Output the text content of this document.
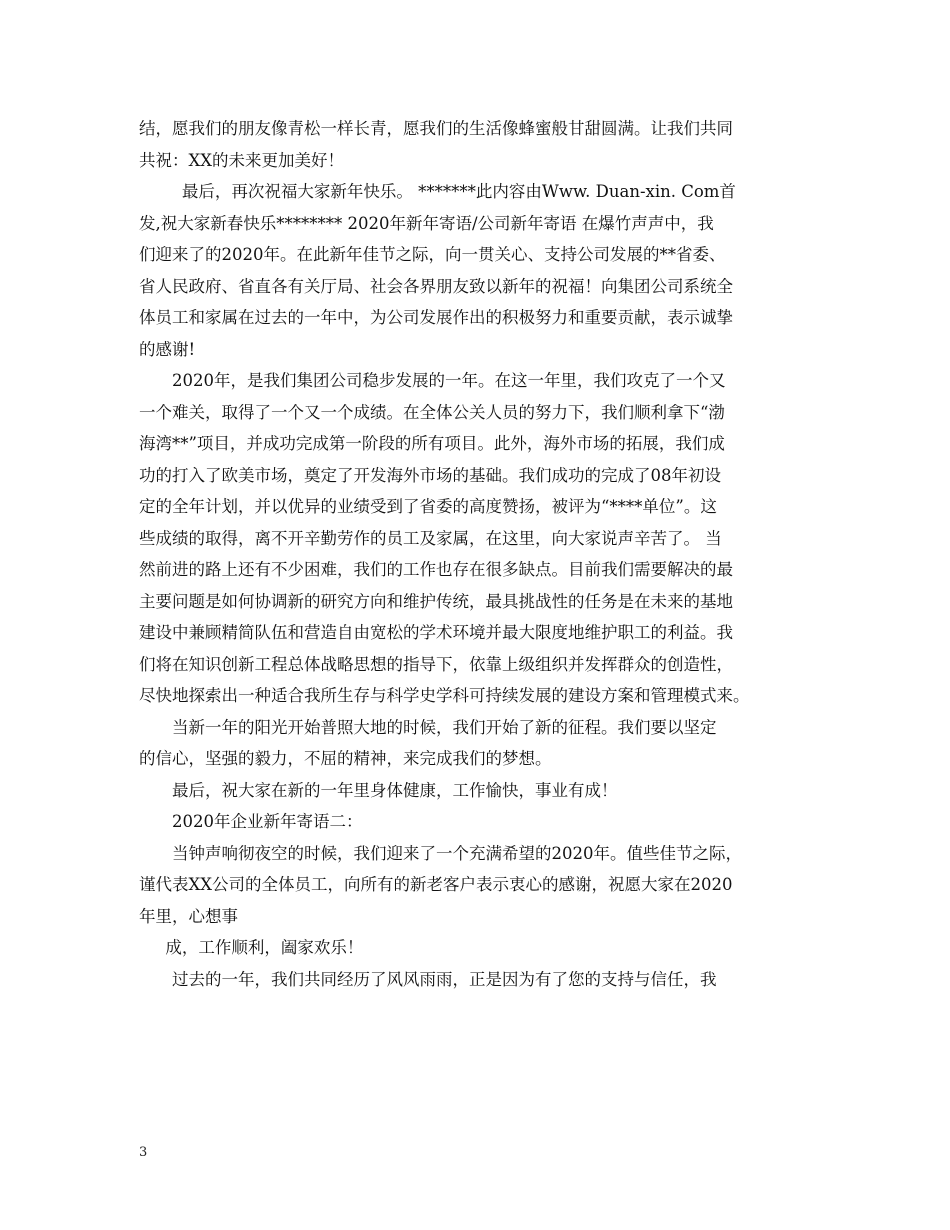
结，愿我们的朋友像青松一样长青，愿我们的生活像蜂蜜般甘甜圆满。让我们共同
共祝：XX的未来更加美好！
最后，再次祝福大家新年快乐。 *******此内容由Www. Duan-xin. Com首
发,祝大家新春快乐******** 2020年新年寄语/公司新年寄语 在爆竹声声中，我
们迎来了的2020年。在此新年佳节之际，向一贯关心、支持公司发展的**省委、
省人民政府、省直各有关厅局、社会各界朋友致以新年的祝福！向集团公司系统全
体员工和家属在过去的一年中，为公司发展作出的积极努力和重要贡献，表示诚挚
的感谢!
2020年，是我们集团公司稳步发展的一年。在这一年里，我们攻克了一个又
一个难关，取得了一个又一个成绩。在全体公关人员的努力下，我们顺利拿下“渤
海湾**”项目，并成功完成第一阶段的所有项目。此外，海外市场的拓展，我们成
功的打入了欧美市场，奠定了开发海外市场的基础。我们成功的完成了08年初设
定的全年计划，并以优异的业绩受到了省委的高度赞扬，被评为“****单位”。这
些成绩的取得，离不开辛勤劳作的员工及家属，在这里，向大家说声辛苦了。 当
然前进的路上还有不少困难，我们的工作也存在很多缺点。目前我们需要解决的最
主要问题是如何协调新的研究方向和维护传统，最具挑战性的任务是在未来的基地
建设中兼顾精简队伍和营造自由宽松的学术环境并最大限度地维护职工的利益。我
们将在知识创新工程总体战略思想的指导下，依靠上级组织并发挥群众的创造性，
尽快地探索出一种适合我所生存与科学史学科可持续发展的建设方案和管理模式来。
当新一年的阳光开始普照大地的时候，我们开始了新的征程。我们要以坚定
的信心，坚强的毅力，不屈的精神，来完成我们的梦想。
最后，祝大家在新的一年里身体健康，工作愉快，事业有成！
2020年企业新年寄语二：
当钟声响彻夜空的时候，我们迎来了一个充满希望的2020年。值些佳节之际，
谨代表XX公司的全体员工，向所有的新老客户表示衷心的感谢，祝愿大家在2020
年里，心想事
成，工作顺利，阖家欢乐！
过去的一年，我们共同经历了风风雨雨，正是因为有了您的支持与信任，我
3
